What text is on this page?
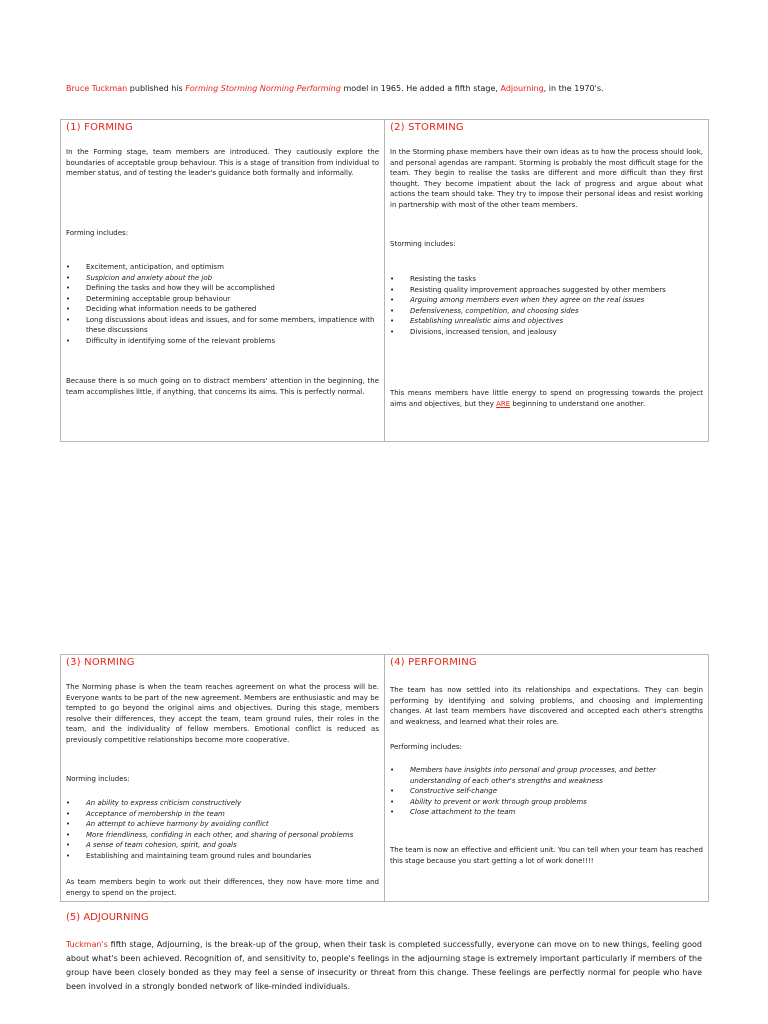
Bruce Tuckman published his Forming Storming Norming Performing model in 1965. He added a fifth stage, Adjourning, in the 1970's.
(1) FORMING
In the Forming stage, team members are introduced. They cautiously explore the boundaries of acceptable group behaviour. This is a stage of transition from individual to member status, and of testing the leader's guidance both formally and informally.
Forming includes:
• Excitement, anticipation, and optimism
• Suspicion and anxiety about the job
• Defining the tasks and how they will be accomplished
• Determining acceptable group behaviour
• Deciding what information needs to be gathered
• Long discussions about ideas and issues, and for some members, impatience with these discussions
• Difficulty in identifying some of the relevant problems
Because there is so much going on to distract members' attention in the beginning, the team accomplishes little, if anything, that concerns its aims. This is perfectly normal.

(2) STORMING
In the Storming phase members have their own ideas as to how the process should look, and personal agendas are rampant. Storming is probably the most difficult stage for the team. They begin to realise the tasks are different and more difficult than they first thought. They become impatient about the lack of progress and argue about what actions the team should take. They try to impose their personal ideas and resist working in partnership with most of the other team members.
Storming includes:
• Resisting the tasks
• Resisting quality improvement approaches suggested by other members
• Arguing among members even when they agree on the real issues
• Defensiveness, competition, and choosing sides
• Establishing unrealistic aims and objectives
• Divisions, increased tension, and jealousy
This means members have little energy to spend on progressing towards the project aims and objectives, but they ARE beginning to understand one another.
(3) NORMING
The Norming phase is when the team reaches agreement on what the process will be. Everyone wants to be part of the new agreement. Members are enthusiastic and may be tempted to go beyond the original aims and objectives. During this stage, members resolve their differences, they accept the team, team ground rules, their roles in the team, and the individuality of fellow members. Emotional conflict is reduced as previously competitive relationships become more cooperative.
Norming includes:
• An ability to express criticism constructively
• Acceptance of membership in the team
• An attempt to achieve harmony by avoiding conflict
• More friendliness, confiding in each other, and sharing of personal problems
• A sense of team cohesion, spirit, and goals
• Establishing and maintaining team ground rules and boundaries
As team members begin to work out their differences, they now have more time and energy to spend on the project.

(4) PERFORMING
The team has now settled into its relationships and expectations. They can begin performing by identifying and solving problems, and choosing and implementing changes. At last team members have discovered and accepted each other's strengths and weakness, and learned what their roles are.
Performing includes:
• Members have insights into personal and group processes, and better understanding of each other's strengths and weakness
• Constructive self-change
• Ability to prevent or work through group problems
• Close attachment to the team
The team is now an effective and efficient unit. You can tell when your team has reached this stage because you start getting a lot of work done!!!!
(5) ADJOURNING
Tuckman's fifth stage, Adjourning, is the break-up of the group, when their task is completed successfully, everyone can move on to new things, feeling good about what's been achieved. Recognition of, and sensitivity to, people's feelings in the adjourning stage is extremely important particularly if members of the group have been closely bonded as they may feel a sense of insecurity or threat from this change. These feelings are perfectly normal for people who have been involved in a strongly bonded network of like-minded individuals.
